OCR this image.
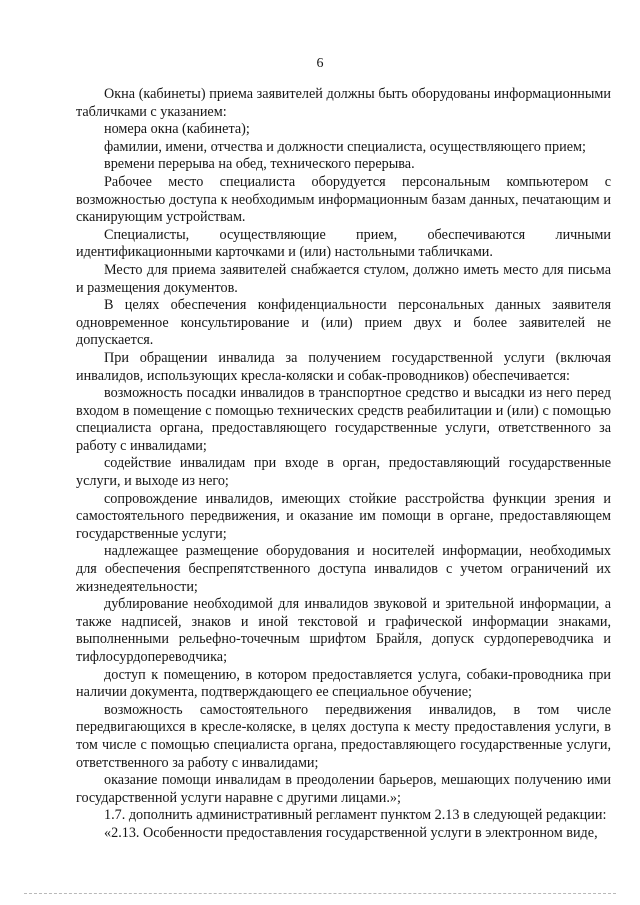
6

Окна (кабинеты) приема заявителей должны быть оборудованы информационными табличками с указанием:

номера окна (кабинета);

фамилии, имени, отчества и должности специалиста, осуществляющего прием;

времени перерыва на обед, технического перерыва.

Рабочее место специалиста оборудуется персональным компьютером с возможностью доступа к необходимым информационным базам данных, печатающим и сканирующим устройствам.

Специалисты, осуществляющие прием, обеспечиваются личными идентификационными карточками и (или) настольными табличками.

Место для приема заявителей снабжается стулом, должно иметь место для письма и размещения документов.

В целях обеспечения конфиденциальности персональных данных заявителя одновременное консультирование и (или) прием двух и более заявителей не допускается.

При обращении инвалида за получением государственной услуги (включая инвалидов, использующих кресла-коляски и собак-проводников) обеспечивается:

возможность посадки инвалидов в транспортное средство и высадки из него перед входом в помещение с помощью технических средств реабилитации и (или) с помощью специалиста органа, предоставляющего государственные услуги, ответственного за работу с инвалидами;

содействие инвалидам при входе в орган, предоставляющий государственные услуги, и выходе из него;

сопровождение инвалидов, имеющих стойкие расстройства функции зрения и самостоятельного передвижения, и оказание им помощи в органе, предоставляющем государственные услуги;

надлежащее размещение оборудования и носителей информации, необходимых для обеспечения беспрепятственного доступа инвалидов с учетом ограничений их жизнедеятельности;

дублирование необходимой для инвалидов звуковой и зрительной информации, а также надписей, знаков и иной текстовой и графической информации знаками, выполненными рельефно-точечным шрифтом Брайля, допуск сурдопереводчика и тифлосурдопереводчика;

доступ к помещению, в котором предоставляется услуга, собаки-проводника при наличии документа, подтверждающего ее специальное обучение;

возможность самостоятельного передвижения инвалидов, в том числе передвигающихся в кресле-коляске, в целях доступа к месту предоставления услуги, в том числе с помощью специалиста органа, предоставляющего государственные услуги, ответственного за работу с инвалидами;

оказание помощи инвалидам в преодолении барьеров, мешающих получению ими государственной услуги наравне с другими лицами.»;

1.7. дополнить административный регламент пунктом 2.13 в следующей редакции:

«2.13. Особенности предоставления государственной услуги в электронном виде,
